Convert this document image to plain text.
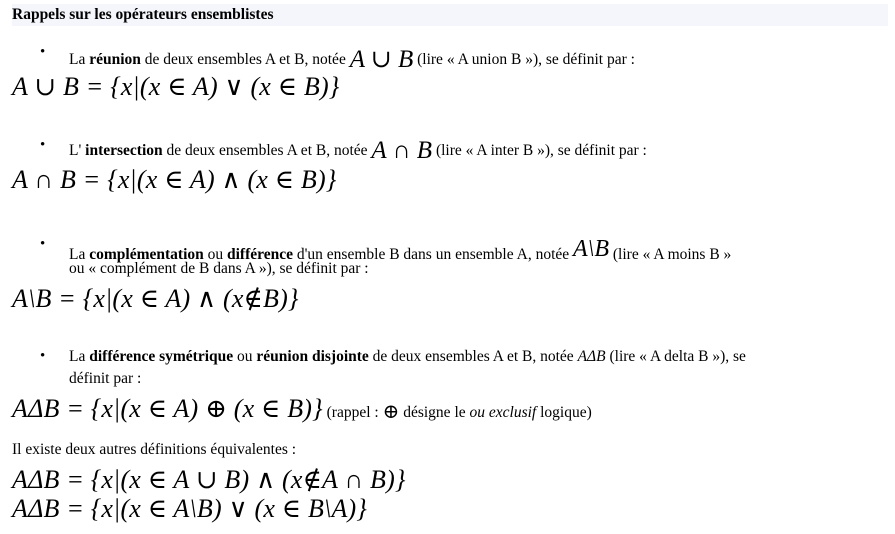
Rappels sur les opérateurs ensemblistes
• La réunion de deux ensembles A et B, notée A ∪ B (lire « A union B »), se définit par :
A ∪ B = {x|(x ∈ A) ∨ (x ∈ B)}
• L' intersection de deux ensembles A et B, notée A ∩ B (lire « A inter B »), se définit par :
A ∩ B = {x|(x ∈ A) ∧ (x ∈ B)}
•
La complémentation ou différence d'un ensemble B dans un ensemble A, notée A\B (lire « A moins B »
ou « complément de B dans A »), se définit par :
A\B = {x|(x ∈ A) ∧ (x∉B)}
• La différence symétrique ou réunion disjointe de deux ensembles A et B, notée AΔB (lire « A delta B »), se
définit par :
AΔB = {x|(x ∈ A) ⊕ (x ∈ B)} (rappel : ⊕ désigne le ou exclusif logique)
Il existe deux autres définitions équivalentes :
AΔB = {x|(x ∈ A ∪ B) ∧ (x∉A ∩ B)}
AΔB = {x|(x ∈ A\B) ∨ (x ∈ B\A)}
